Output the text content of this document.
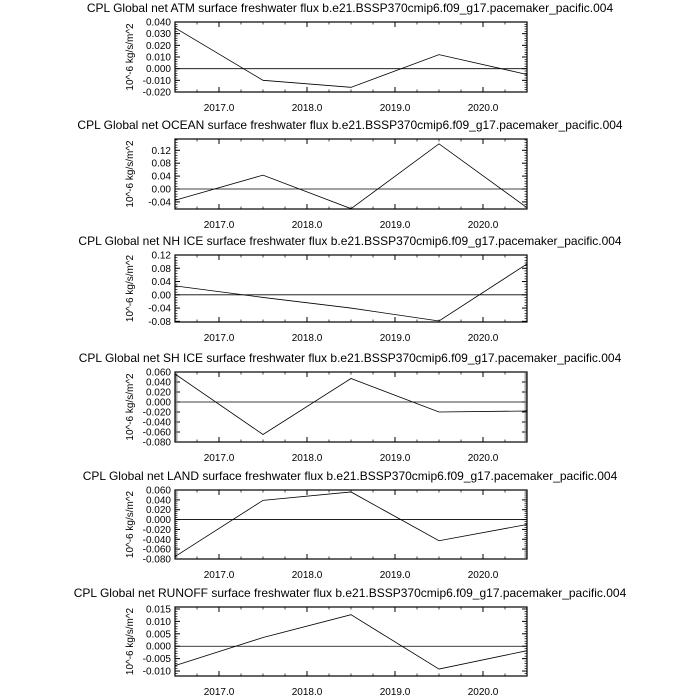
CPL Global net ATM surface freshwater flux b.e21.BSSP370cmip6.f09_g17.pacemaker_pacific.004
0.040
0.030
0.020
0.010
0.000
-0.010
-0.020
2017.0	2018.0	2019.0	2020.0
10^-6 kg/s/m^2
CPL Global net OCEAN surface freshwater flux b.e21.BSSP370cmip6.f09_g17.pacemaker_pacific.004
0.12
0.08
0.04
0.00
-0.04
2017.0	2018.0	2019.0	2020.0
10^-6 kg/s/m^2
CPL Global net NH ICE surface freshwater flux b.e21.BSSP370cmip6.f09_g17.pacemaker_pacific.004
0.12
0.08
0.04
0.00
-0.04
-0.08
2017.0	2018.0	2019.0	2020.0
10^-6 kg/s/m^2
CPL Global net SH ICE surface freshwater flux b.e21.BSSP370cmip6.f09_g17.pacemaker_pacific.004
0.060
0.040
0.020
0.000
-0.020
-0.040
-0.060
-0.080
2017.0	2018.0	2019.0	2020.0
10^-6 kg/s/m^2
CPL Global net LAND surface freshwater flux b.e21.BSSP370cmip6.f09_g17.pacemaker_pacific.004
0.060
0.040
0.020
0.000
-0.020
-0.040
-0.060
-0.080
2017.0	2018.0	2019.0	2020.0
10^-6 kg/s/m^2
CPL Global net RUNOFF surface freshwater flux b.e21.BSSP370cmip6.f09_g17.pacemaker_pacific.004
0.015
0.010
0.005
0.000
-0.005
-0.010
2017.0	2018.0	2019.0	2020.0
10^-6 kg/s/m^2
